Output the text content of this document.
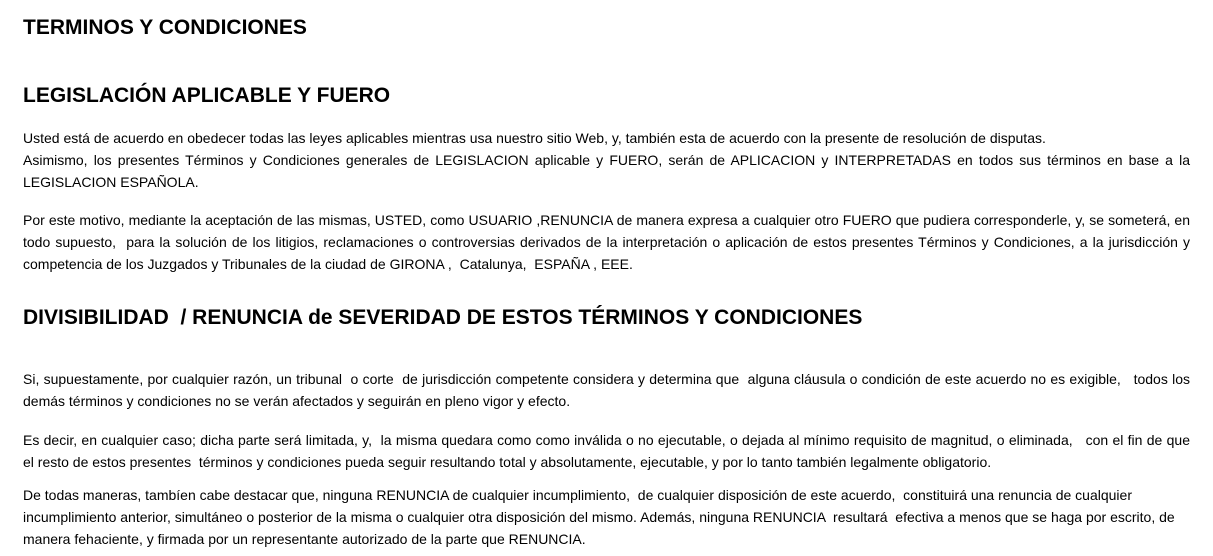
TERMINOS Y CONDICIONES
LEGISLACIÓN APLICABLE Y FUERO

Usted está de acuerdo en obedecer todas las leyes aplicables mientras usa nuestro sitio Web, y, también esta de acuerdo con la presente de resolución de disputas.

Asimismo, los presentes Términos y Condiciones generales de LEGISLACION aplicable y FUERO, serán de APLICACION y INTERPRETADAS en todos sus términos en base a la LEGISLACION ESPAÑOLA.

Por este motivo, mediante la aceptación de las mismas, USTED, como USUARIO ,RENUNCIA de manera expresa a cualquier otro FUERO que pudiera corresponderle, y, se someterá, en todo supuesto,  para la solución de los litigios, reclamaciones o controversias derivados de la interpretación o aplicación de estos presentes Términos y Condiciones, a la jurisdicción y competencia de los Juzgados y Tribunales de la ciudad de GIRONA ,  Catalunya,  ESPAÑA , EEE.

DIVISIBILIDAD  / RENUNCIA de SEVERIDAD DE ESTOS TÉRMINOS Y CONDICIONES

Si, supuestamente, por cualquier razón, un tribunal  o corte  de jurisdicción competente considera y determina que  alguna cláusula o condición de este acuerdo no es exigible,   todos los demás términos y condiciones no se verán afectados y seguirán en pleno vigor y efecto.

Es decir, en cualquier caso; dicha parte será limitada, y,  la misma quedara como como inválida o no ejecutable, o dejada al mínimo requisito de magnitud, o eliminada,   con el fin de que el resto de estos presentes  términos y condiciones pueda seguir resultando total y absolutamente, ejecutable, y por lo tanto también legalmente obligatorio.

De todas maneras, tambíen cabe destacar que, ninguna RENUNCIA de cualquier incumplimiento,  de cualquier disposición de este acuerdo,  constituirá una renuncia de cualquier incumplimiento anterior, simultáneo o posterior de la misma o cualquier otra disposición del mismo. Además, ninguna RENUNCIA  resultará  efectiva a menos que se haga por escrito, de manera fehaciente, y firmada por un representante autorizado de la parte que RENUNCIA.
